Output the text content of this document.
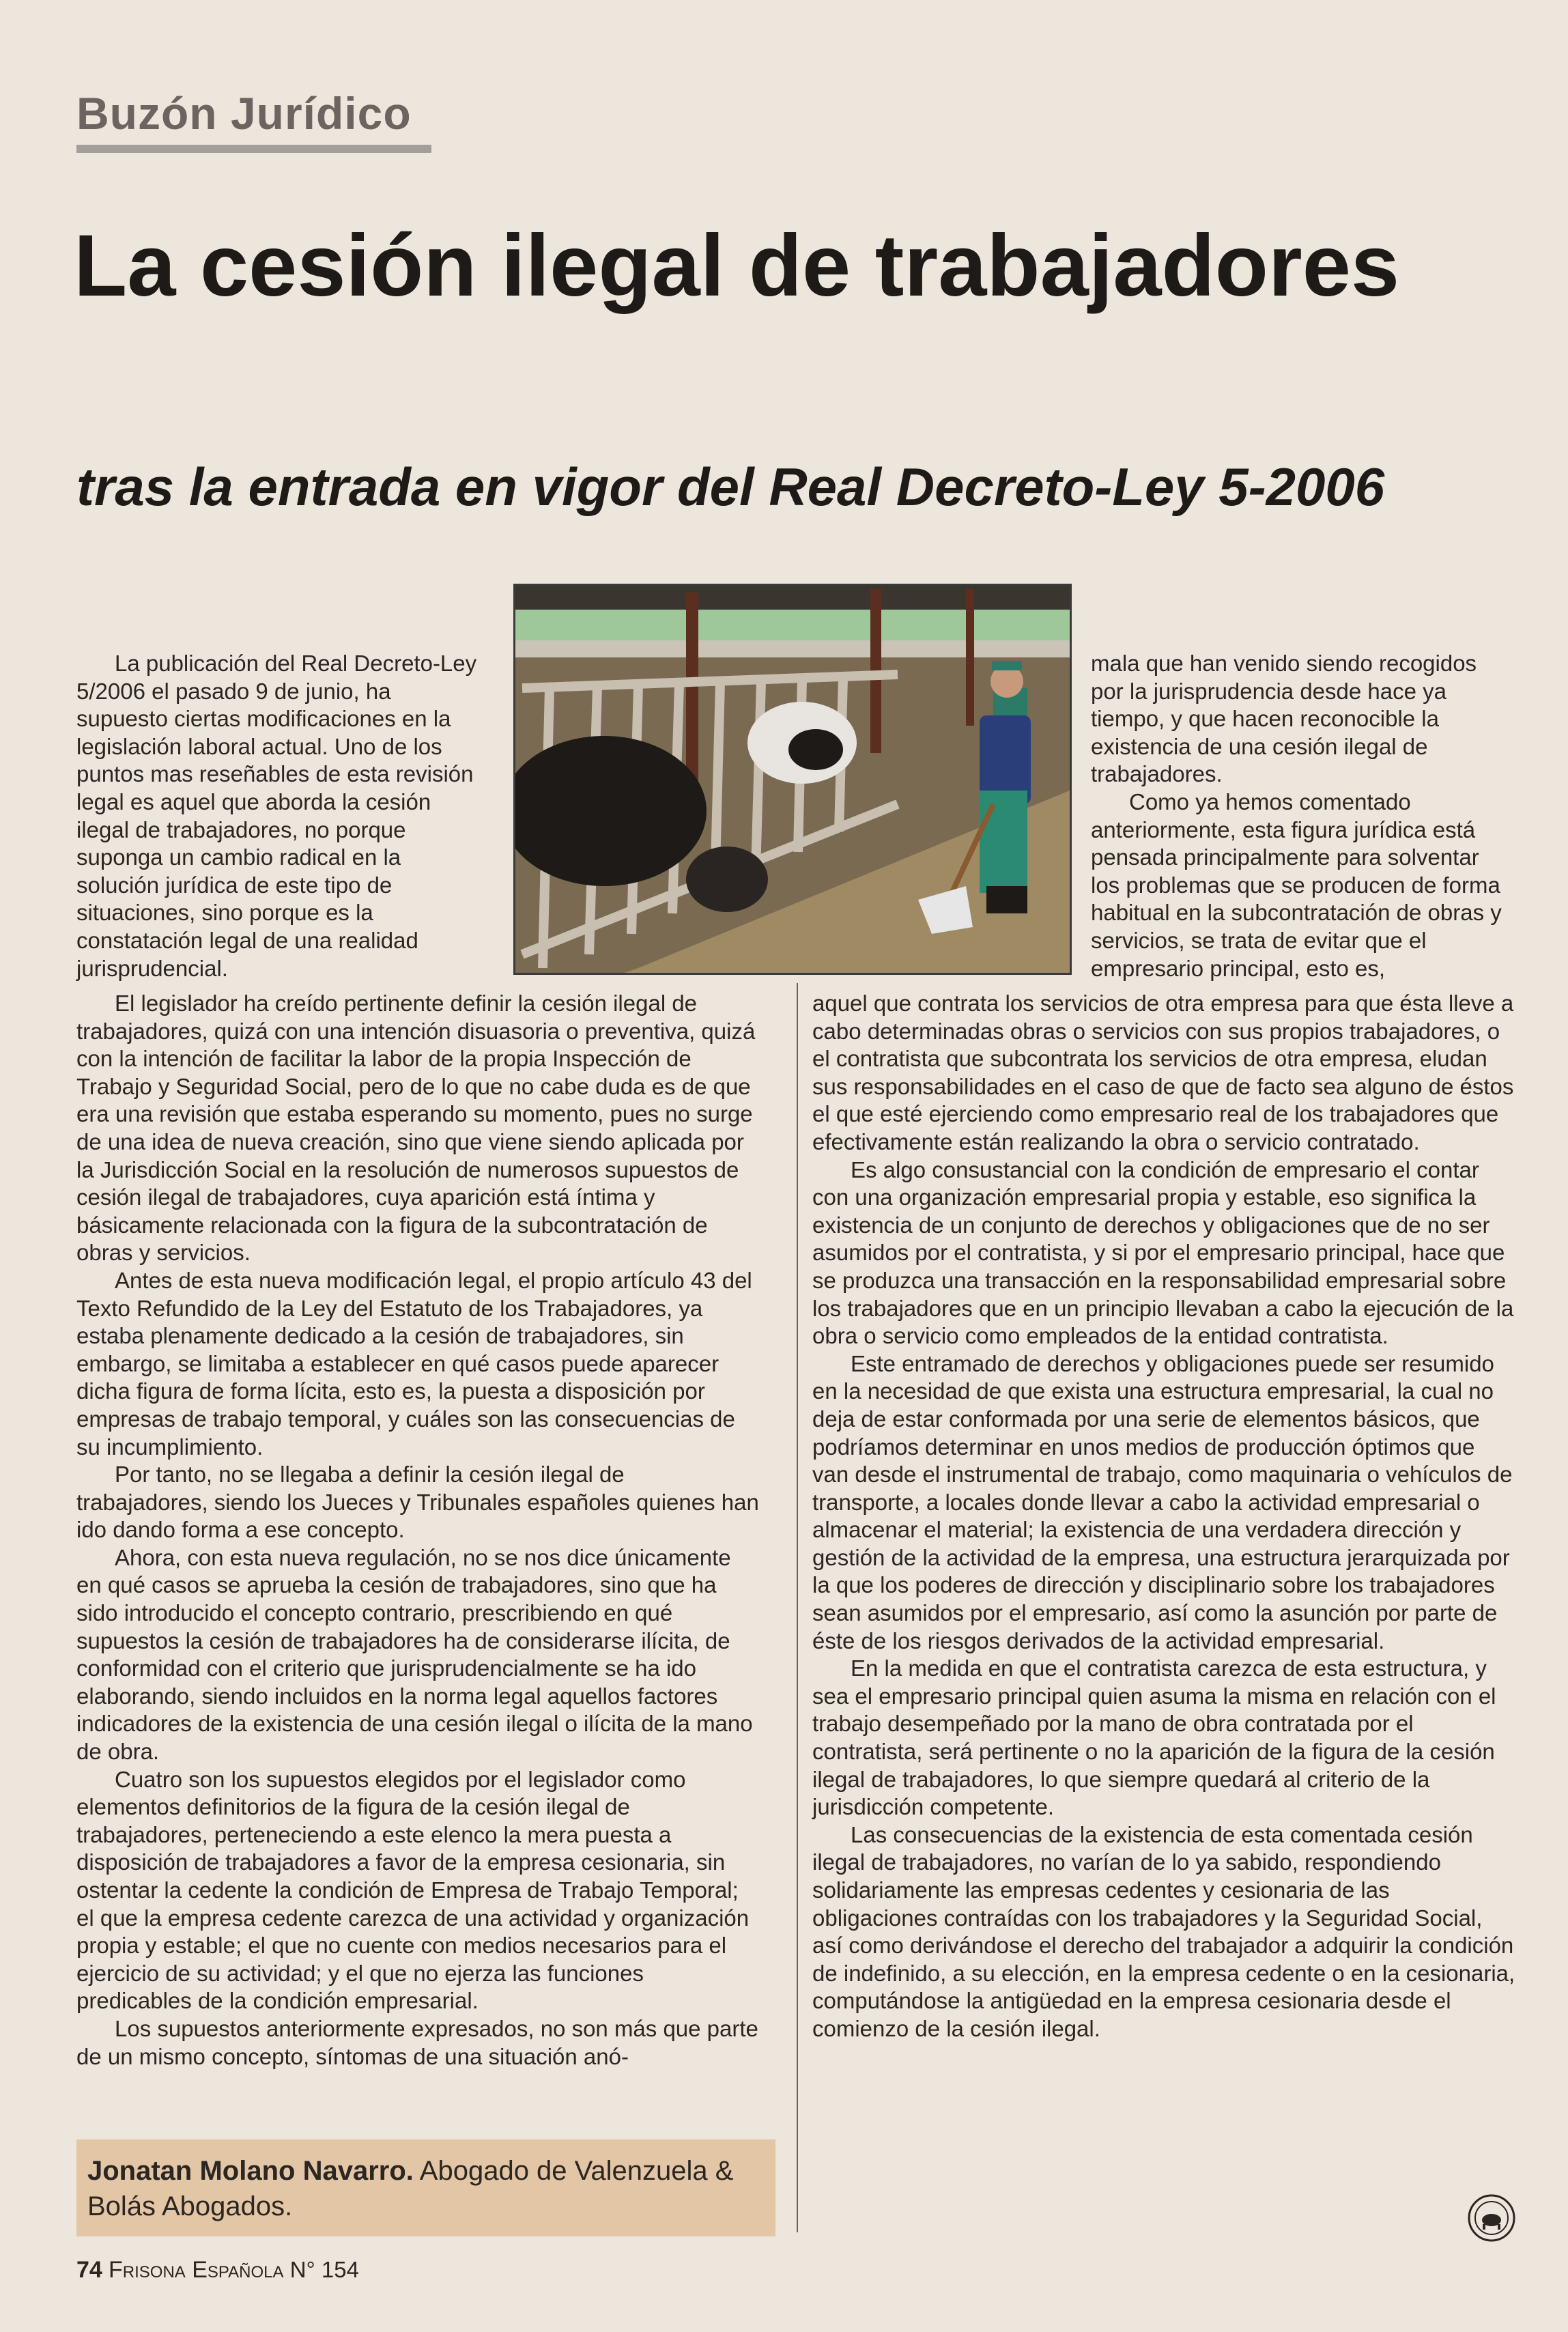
Buzón Jurídico
La cesión ilegal de trabajadores
tras la entrada en vigor del Real Decreto-Ley 5-2006

La publicación del Real Decreto-Ley 5/2006 el pasado 9 de junio, ha supuesto ciertas modificaciones en la legislación laboral actual. Uno de los puntos mas reseñables de esta revisión legal es aquel que aborda la cesión ilegal de trabajadores, no porque suponga un cambio radical en la solución jurídica de este tipo de situaciones, sino porque es la constatación legal de una realidad jurisprudencial.

El legislador ha creído pertinente definir la cesión ilegal de trabajadores, quizá con una intención disuasoria o preventiva, quizá con la intención de facilitar la labor de la propia Inspección de Trabajo y Seguridad Social, pero de lo que no cabe duda es de que era una revisión que estaba esperando su momento, pues no surge de una idea de nueva creación, sino que viene siendo aplicada por la Jurisdicción Social en la resolución de numerosos supuestos de cesión ilegal de trabajadores, cuya aparición está íntima y básicamente relacionada con la figura de la subcontratación de obras y servicios.

Antes de esta nueva modificación legal, el propio artículo 43 del Texto Refundido de la Ley del Estatuto de los Trabajadores, ya estaba plenamente dedicado a la cesión de trabajadores, sin embargo, se limitaba a establecer en qué casos puede aparecer dicha figura de forma lícita, esto es, la puesta a disposición por empresas de trabajo temporal, y cuáles son las consecuencias de su incumplimiento.

Por tanto, no se llegaba a definir la cesión ilegal de trabajadores, siendo los Jueces y Tribunales españoles quienes han ido dando forma a ese concepto.

Ahora, con esta nueva regulación, no se nos dice únicamente en qué casos se aprueba la cesión de trabajadores, sino que ha sido introducido el concepto contrario, prescribiendo en qué supuestos la cesión de trabajadores ha de considerarse ilícita, de conformidad con el criterio que jurisprudencialmente se ha ido elaborando, siendo incluidos en la norma legal aquellos factores indicadores de la existencia de una cesión ilegal o ilícita de la mano de obra.

Cuatro son los supuestos elegidos por el legislador como elementos definitorios de la figura de la cesión ilegal de trabajadores, perteneciendo a este elenco la mera puesta a disposición de trabajadores a favor de la empresa cesionaria, sin ostentar la cedente la condición de Empresa de Trabajo Temporal; el que la empresa cedente carezca de una actividad y organización propia y estable; el que no cuente con medios necesarios para el ejercicio de su actividad; y el que no ejerza las funciones predicables de la condición empresarial.

Los supuestos anteriormente expresados, no son más que parte de un mismo concepto, síntomas de una situación anó-

mala que han venido siendo recogidos por la jurisprudencia desde hace ya tiempo, y que hacen reconocible la existencia de una cesión ilegal de trabajadores.

Como ya hemos comentado anteriormente, esta figura jurídica está pensada principalmente para solventar los problemas que se producen de forma habitual en la subcontratación de obras y servicios, se trata de evitar que el empresario principal, esto es,

aquel que contrata los servicios de otra empresa para que ésta lleve a cabo determinadas obras o servicios con sus propios trabajadores, o el contratista que subcontrata los servicios de otra empresa, eludan sus responsabilidades en el caso de que de facto sea alguno de éstos el que esté ejerciendo como empresario real de los trabajadores que efectivamente están realizando la obra o servicio contratado.

Es algo consustancial con la condición de empresario el contar con una organización empresarial propia y estable, eso significa la existencia de un conjunto de derechos y obligaciones que de no ser asumidos por el contratista, y si por el empresario principal, hace que se produzca una transacción en la responsabilidad empresarial sobre los trabajadores que en un principio llevaban a cabo la ejecución de la obra o servicio como empleados de la entidad contratista.

Este entramado de derechos y obligaciones puede ser resumido en la necesidad de que exista una estructura empresarial, la cual no deja de estar conformada por una serie de elementos básicos, que podríamos determinar en unos medios de producción óptimos que van desde el instrumental de trabajo, como maquinaria o vehículos de transporte, a locales donde llevar a cabo la actividad empresarial o almacenar el material; la existencia de una verdadera dirección y gestión de la actividad de la empresa, una estructura jerarquizada por la que los poderes de dirección y disciplinario sobre los trabajadores sean asumidos por el empresario, así como la asunción por parte de éste de los riesgos derivados de la actividad empresarial.

En la medida en que el contratista carezca de esta estructura, y sea el empresario principal quien asuma la misma en relación con el trabajo desempeñado por la mano de obra contratada por el contratista, será pertinente o no la aparición de la figura de la cesión ilegal de trabajadores, lo que siempre quedará al criterio de la jurisdicción competente.

Las consecuencias de la existencia de esta comentada cesión ilegal de trabajadores, no varían de lo ya sabido, respondiendo solidariamente las empresas cedentes y cesionaria de las obligaciones contraídas con los trabajadores y la Seguridad Social, así como derivándose el derecho del trabajador a adquirir la condición de indefinido, a su elección, en la empresa cedente o en la cesionaria, computándose la antigüedad en la empresa cesionaria desde el comienzo de la cesión ilegal.

Jonatan Molano Navarro. Abogado de Valenzuela & Bolás Abogados.
74 Frisona Española N° 154
